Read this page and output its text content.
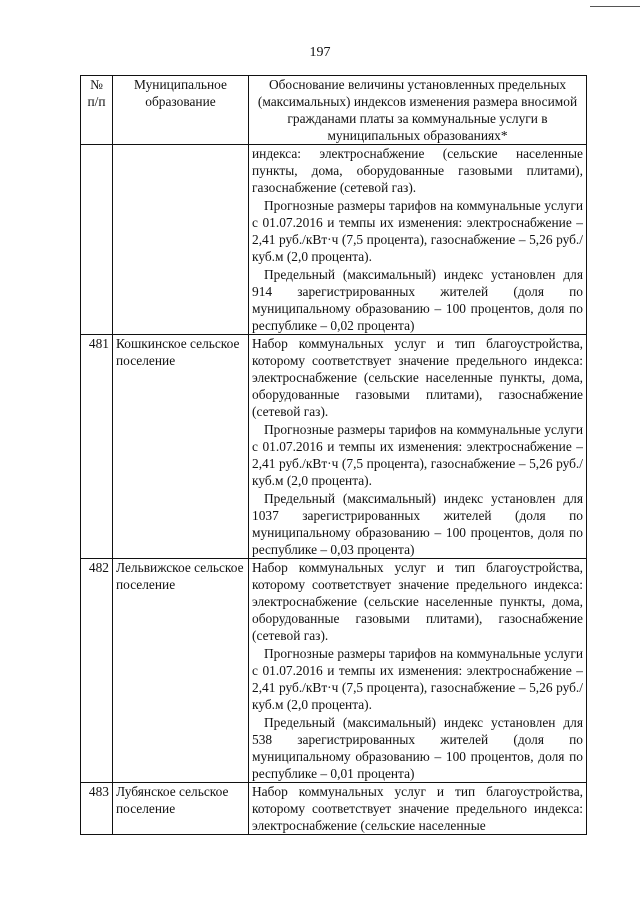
197
№ п/п	Муниципальное образование	Обоснование величины установленных предельных (максимальных) индексов изменения размера вносимой гражданами платы за коммунальные услуги в муниципальных образованиях*

		индекса: электроснабжение (сельские населенные пункты, дома, оборудованные газовыми плитами), газоснабжение (сетевой газ).

Прогнозные размеры тарифов на коммунальные услуги с 01.07.2016 и темпы их изменения: электроснабжение – 2,41 руб./кВт·ч (7,5 процента), газоснабжение – 5,26 руб./куб.м (2,0 процента).

Предельный (максимальный) индекс установлен для 914 зарегистрированных жителей (доля по муниципальному образованию – 100 процентов, доля по республике – 0,02 процента)

481	Кошкинское сельское поселение	Набор коммунальных услуг и тип благоустройства, которому соответствует значение предельного индекса: электроснабжение (сельские населенные пункты, дома, оборудованные газовыми плитами), газоснабжение (сетевой газ).

Прогнозные размеры тарифов на коммунальные услуги с 01.07.2016 и темпы их изменения: электроснабжение – 2,41 руб./кВт·ч (7,5 процента), газоснабжение – 5,26 руб./куб.м (2,0 процента).

Предельный (максимальный) индекс установлен для 1037 зарегистрированных жителей (доля по муниципальному образованию – 100 процентов, доля по республике – 0,03 процента)

482	Лельвижское сельское поселение	Набор коммунальных услуг и тип благоустройства, которому соответствует значение предельного индекса: электроснабжение (сельские населенные пункты, дома, оборудованные газовыми плитами), газоснабжение (сетевой газ).

Прогнозные размеры тарифов на коммунальные услуги с 01.07.2016 и темпы их изменения: электроснабжение – 2,41 руб./кВт·ч (7,5 процента), газоснабжение – 5,26 руб./куб.м (2,0 процента).

Предельный (максимальный) индекс установлен для 538 зарегистрированных жителей (доля по муниципальному образованию – 100 процентов, доля по республике – 0,01 процента)

483	Лубянское сельское поселение	Набор коммунальных услуг и тип благоустройства, которому соответствует значение предельного индекса: электроснабжение (сельские населенные
